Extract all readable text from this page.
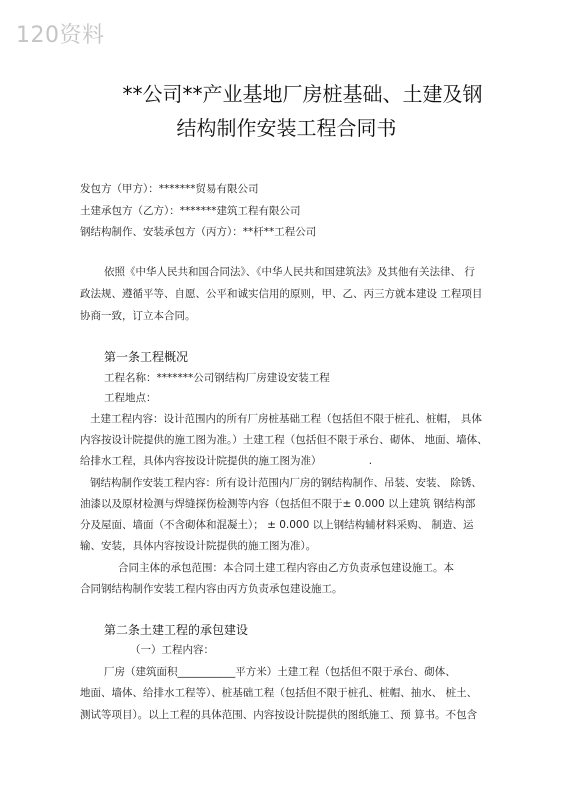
120资料
**公司**产业基地厂房桩基础、土建及钢
结构制作安装工程合同书
发包方（甲方）：*******贸易有限公司
土建承包方（乙方）：*******建筑工程有限公司
钢结构制作、安装承包方（丙方）：**杆**工程公司
依照《中华人民共和国合同法》、《中华人民共和国建筑法》及其他有关法律、 行
政法规、遵循平等、自愿、公平和诚实信用的原则，甲、乙、丙三方就本建设 工程项目
协商一致，订立本合同。
第一条工程概况
工程名称：*******公司钢结构厂房建设安装工程
工程地点：
土建工程内容：设计范围内的所有厂房桩基础工程（包括但不限于桩孔、桩帽， 具体
内容按设计院提供的施工图为准。）土建工程（包括但不限于承台、砌体、 地面、墙体、
给排水工程，具体内容按设计院提供的施工图为准）　　　　　.
钢结构制作安装工程内容：所有设计范围内厂房的钢结构制作、吊装、安装、 除锈、
油漆以及原材检测与焊缝探伤检测等内容（包括但不限于± 0.000 以上建筑 钢结构部
分及屋面、墙面（不含砌体和混凝土）； ± 0.000 以上钢结构辅材料采购、 制造、运
输、安装，具体内容按设计院提供的施工图为准）。
合同主体的承包范围：本合同土建工程内容由乙方负责承包建设施工。本
合同钢结构制作安装工程内容由丙方负责承包建设施工。
第二条土建工程的承包建设
（一）工程内容：
厂房（建筑面积___________平方米）土建工程（包括但不限于承台、砌体、
地面、墙体、给排水工程等）、桩基础工程（包括但不限于桩孔、桩帽、抽水、 桩土、
测试等项目）。以上工程的具体范围、内容按设计院提供的图纸施工、预 算书。不包含
